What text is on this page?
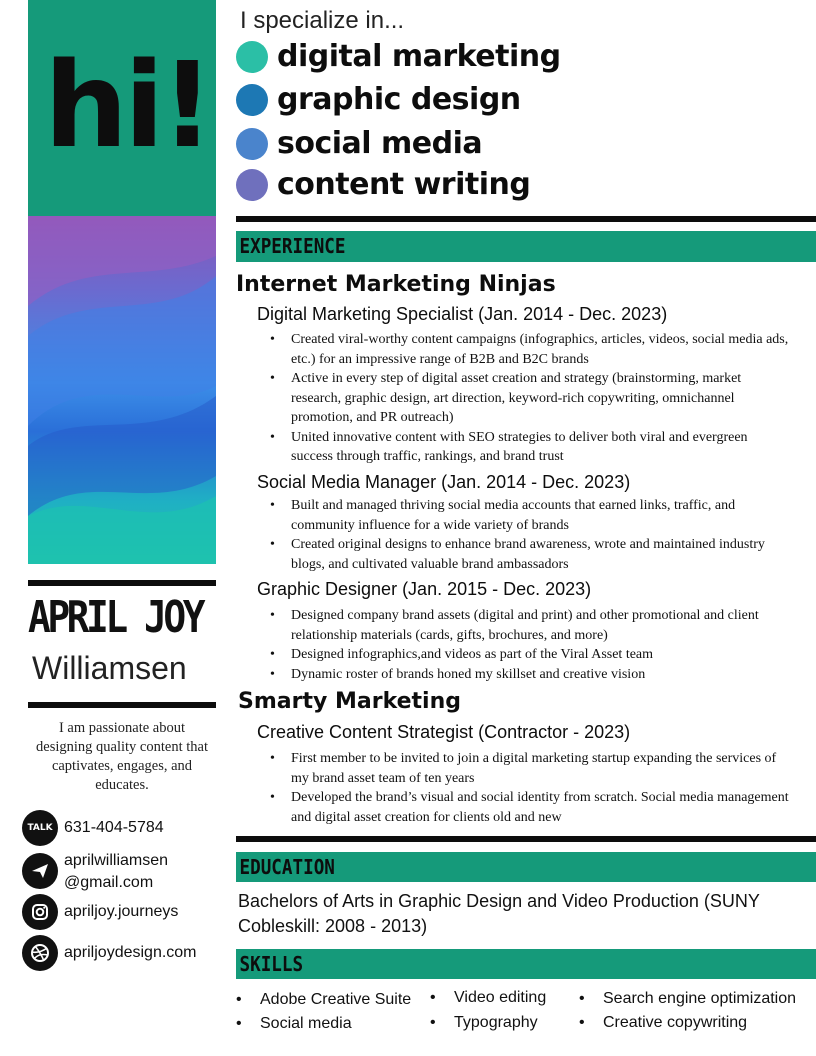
hi!
APRIL JOY
Williamsen
I am passionate about designing quality content that captivates, engages, and educates.
TALK 631-404-5784
aprilwilliamsen
@gmail.com
apriljoy.journeys
apriljoydesign.com
I specialize in...
digital marketing
graphic design
social media
content writing
EXPERIENCE
Internet Marketing Ninjas
Digital Marketing Specialist (Jan. 2014 - Dec. 2023)
• Created viral-worthy content campaigns (infographics, articles, videos, social media ads, etc.) for an impressive range of B2B and B2C brands
• Active in every step of digital asset creation and strategy (brainstorming, market research, graphic design, art direction, keyword-rich copywriting, omnichannel promotion, and PR outreach)
• United innovative content with SEO strategies to deliver both viral and evergreen success through traffic, rankings, and brand trust
Social Media Manager (Jan. 2014 - Dec. 2023)
• Built and managed thriving social media accounts that earned links, traffic, and community influence for a wide variety of brands
• Created original designs to enhance brand awareness, wrote and maintained industry blogs, and cultivated valuable brand ambassadors
Graphic Designer (Jan. 2015 - Dec. 2023)
• Designed company brand assets (digital and print) and other promotional and client relationship materials (cards, gifts, brochures, and more)
• Designed infographics,and videos as part of the Viral Asset team
• Dynamic roster of brands honed my skillset and creative vision
Smarty Marketing
Creative Content Strategist (Contractor - 2023)
• First member to be invited to join a digital marketing startup expanding the services of my brand asset team of ten years
• Developed the brand’s visual and social identity from scratch. Social media management and digital asset creation for clients old and new
EDUCATION
Bachelors of Arts in Graphic Design and Video Production (SUNY Cobleskill: 2008 - 2013)
SKILLS
• Adobe Creative Suite	• Video editing	• Search engine optimization
• Social media	• Typography	• Creative copywriting
